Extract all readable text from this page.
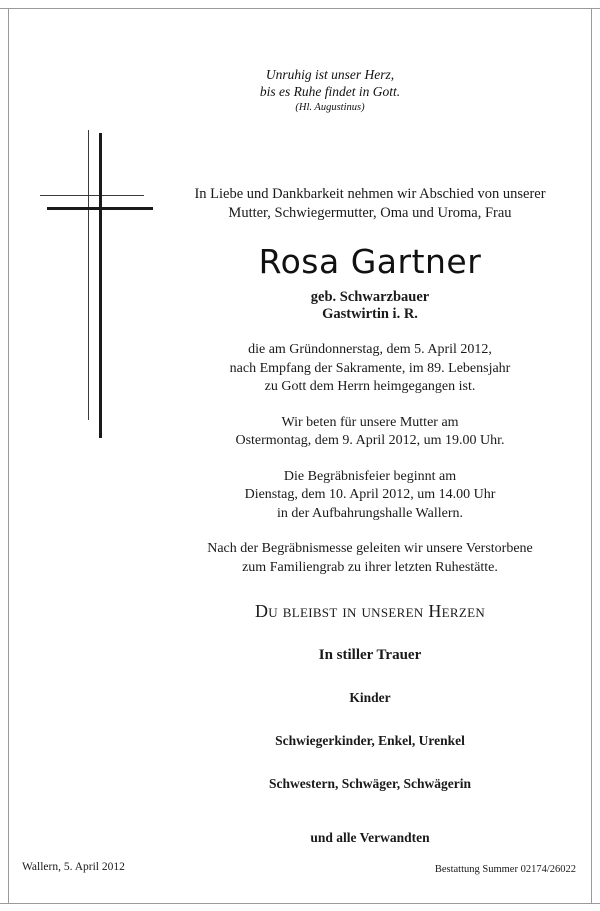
Unruhig ist unser Herz,
bis es Ruhe findet in Gott.
(Hl. Augustinus)

In Liebe und Dankbarkeit nehmen wir Abschied von unserer
Mutter, Schwiegermutter, Oma und Uroma, Frau

Rosa Gartner

geb. Schwarzbauer
Gastwirtin i. R.

die am Gründonnerstag, dem 5. April 2012,
nach Empfang der Sakramente, im 89. Lebensjahr
zu Gott dem Herrn heimgegangen ist.

Wir beten für unsere Mutter am
Ostermontag, dem 9. April 2012, um 19.00 Uhr.

Die Begräbnisfeier beginnt am
Dienstag, dem 10. April 2012, um 14.00 Uhr
in der Aufbahrungshalle Wallern.

Nach der Begräbnismesse geleiten wir unsere Verstorbene
zum Familiengrab zu ihrer letzten Ruhestätte.

Du bleibst in unseren Herzen

In stiller Trauer

Kinder

Schwiegerkinder, Enkel, Urenkel

Schwestern, Schwäger, Schwägerin

und alle Verwandten

Wallern, 5. April 2012	Bestattung Summer 02174/26022
